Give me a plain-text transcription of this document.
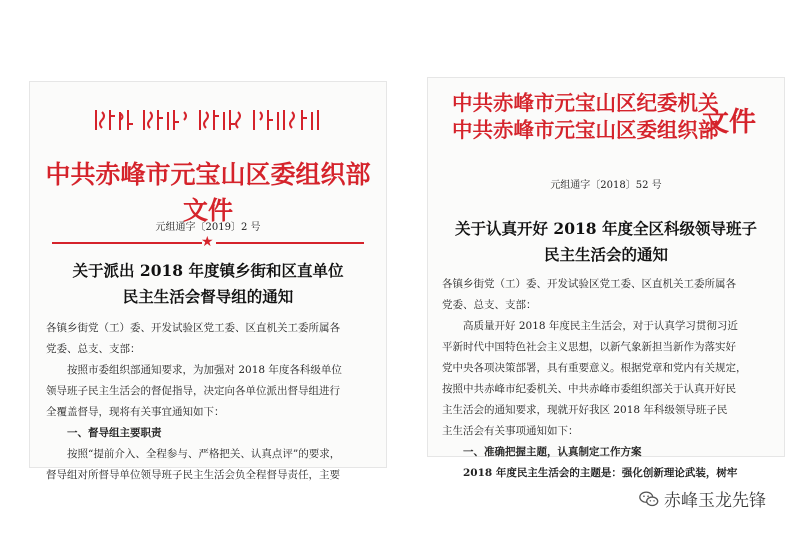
中共赤峰市元宝山区委组织部文件
元组通字〔2019〕2 号
★
关于派出 2018 年度镇乡街和区直单位
民主生活会督导组的通知

各镇乡街党（工）委、开发试验区党工委、区直机关工委所属各

党委、总支、支部：

按照市委组织部通知要求，为加强对 2018 年度各科级单位

领导班子民主生活会的督促指导，决定向各单位派出督导组进行

全覆盖督导，现将有关事宜通知如下：

一、督导组主要职责

按照“提前介入、全程参与、严格把关、认真点评”的要求，

督导组对所督导单位领导班子民主生活会负全程督导责任，主要

中共赤峰市元宝山区纪委机关
中共赤峰市元宝山区委组织部
文件
元组通字〔2018〕52 号
关于认真开好 2018 年度全区科级领导班子
民主生活会的通知

各镇乡街党（工）委、开发试验区党工委、区直机关工委所属各

党委、总支、支部：

高质量开好 2018 年度民主生活会，对于认真学习贯彻习近

平新时代中国特色社会主义思想，以新气象新担当新作为落实好

党中央各项决策部署，具有重要意义。根据党章和党内有关规定，

按照中共赤峰市纪委机关、中共赤峰市委组织部关于认真开好民

主生活会的通知要求，现就开好我区 2018 年科级领导班子民

主生活会有关事项通知如下：

一、准确把握主题，认真制定工作方案

2018 年度民主生活会的主题是：强化创新理论武装，树牢

赤峰玉龙先锋
